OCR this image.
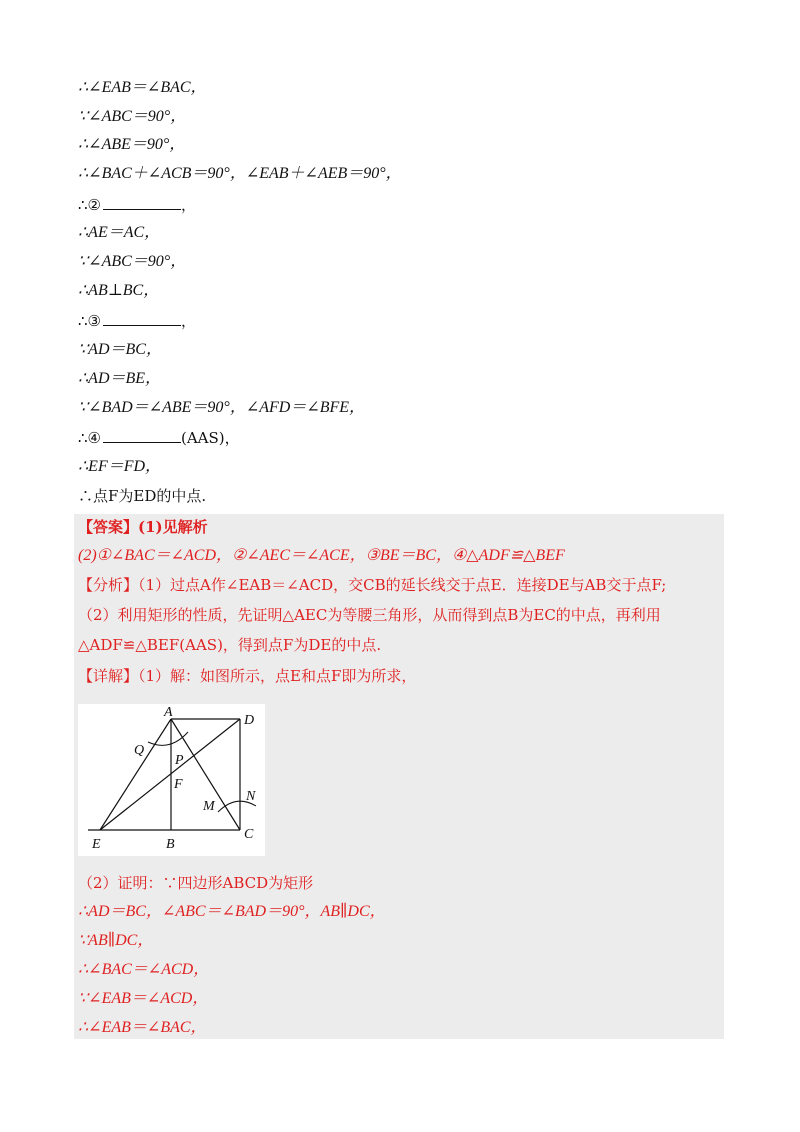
∴∠EAB＝∠BAC，
∵∠ABC＝90°，
∴∠ABE＝90°，
∴∠BAC＋∠ACB＝90°，∠EAB＋∠AEB＝90°，
∴②	，
∴AE＝AC，
∵∠ABC＝90°，
∴AB⊥BC，
∴③	，
∵AD＝BC，
∴AD＝BE，
∵∠BAD＝∠ABE＝90°，∠AFD＝∠BFE，
∴④	(AAS)，
∴EF＝FD，
∴点F为ED的中点.
【答案】(1)见解析
(2)①∠BAC＝∠ACD，②∠AEC＝∠ACE，③BE＝BC，④△ADF≌△BEF
【分析】（1）过点A作∠EAB＝∠ACD，交CB的延长线交于点E．连接DE与AB交于点F;
（2）利用矩形的性质，先证明△AEC为等腰三角形，从而得到点B为EC的中点，再利用
△ADF≌△BEF(AAS)，得到点F为DE的中点.
【详解】（1）解：如图所示，点E和点F即为所求，
A
D
Q
P
F
M
N
E	B
C
（2）证明：∵四边形ABCD为矩形
∴AD＝BC，∠ABC＝∠BAD＝90°，AB∥DC，
∵AB∥DC，
∴∠BAC＝∠ACD，
∵∠EAB＝∠ACD，
∴∠EAB＝∠BAC，
